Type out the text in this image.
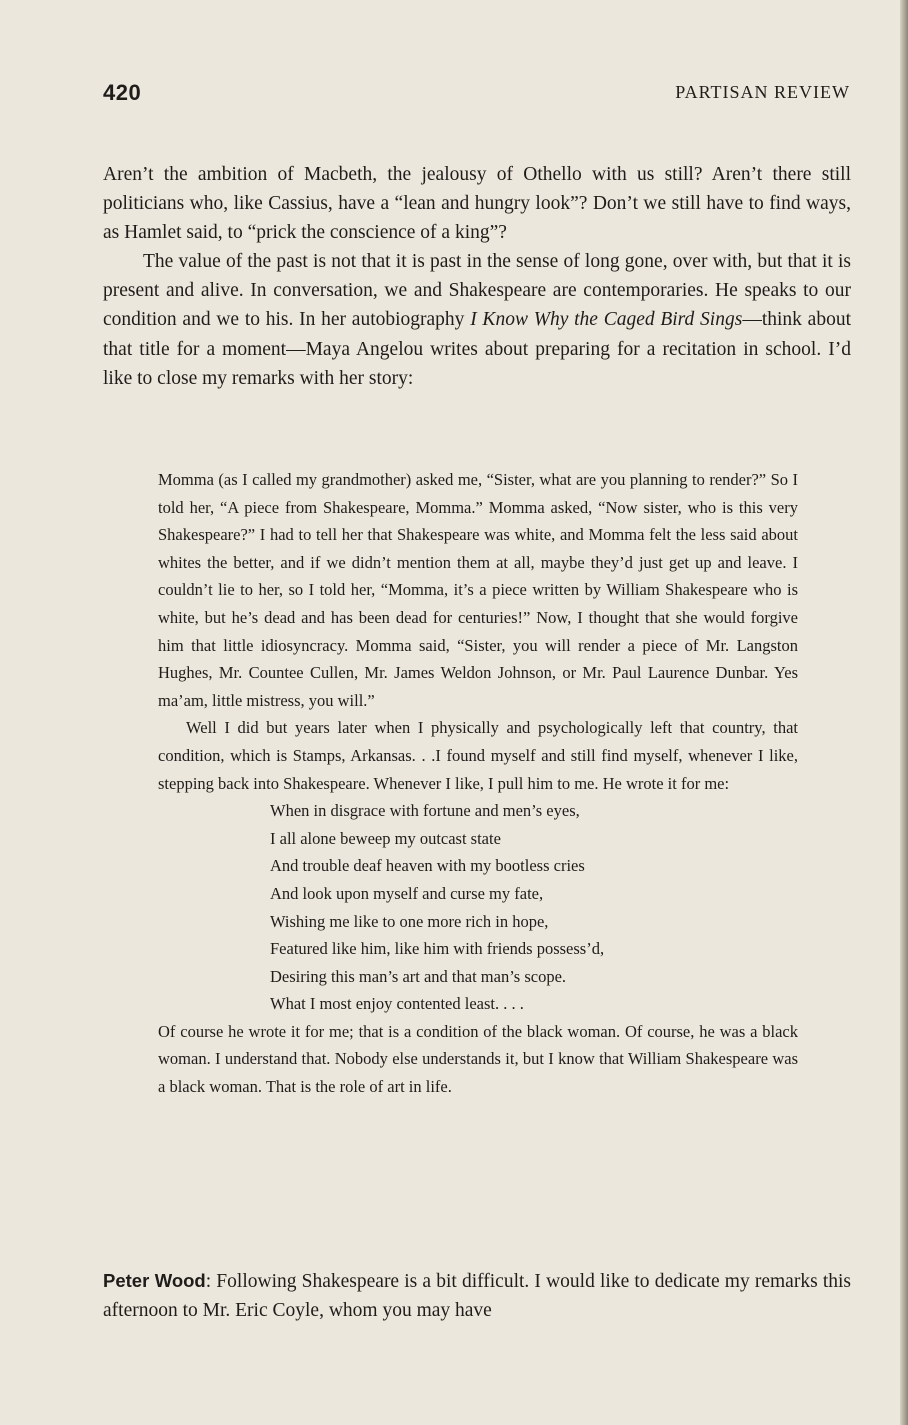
420	PARTISAN REVIEW

Aren’t the ambition of Macbeth, the jealousy of Othello with us still? Aren’t there still politicians who, like Cassius, have a “lean and hungry look”? Don’t we still have to find ways, as Hamlet said, to “prick the conscience of a king”?

The value of the past is not that it is past in the sense of long gone, over with, but that it is present and alive. In conversation, we and Shakespeare are contemporaries. He speaks to our condition and we to his. In her autobiography I Know Why the Caged Bird Sings—think about that title for a moment—Maya Angelou writes about preparing for a recitation in school. I’d like to close my remarks with her story:

Momma (as I called my grandmother) asked me, “Sister, what are you planning to render?” So I told her, “A piece from Shakespeare, Momma.” Momma asked, “Now sister, who is this very Shakespeare?” I had to tell her that Shakespeare was white, and Momma felt the less said about whites the better, and if we didn’t mention them at all, maybe they’d just get up and leave. I couldn’t lie to her, so I told her, “Momma, it’s a piece written by William Shakespeare who is white, but he’s dead and has been dead for centuries!” Now, I thought that she would forgive him that little idiosyncracy. Momma said, “Sister, you will render a piece of Mr. Langston Hughes, Mr. Countee Cullen, Mr. James Weldon Johnson, or Mr. Paul Laurence Dunbar. Yes ma’am, little mistress, you will.”

Well I did but years later when I physically and psychologically left that country, that condition, which is Stamps, Arkansas. . .I found myself and still find myself, whenever I like, stepping back into Shakespeare. Whenever I like, I pull him to me. He wrote it for me:

When in disgrace with fortune and men’s eyes,
I all alone beweep my outcast state
And trouble deaf heaven with my bootless cries
And look upon myself and curse my fate,
Wishing me like to one more rich in hope,
Featured like him, like him with friends possess’d,
Desiring this man’s art and that man’s scope.
What I most enjoy contented least. . . .

Of course he wrote it for me; that is a condition of the black woman. Of course, he was a black woman. I understand that. Nobody else understands it, but I know that William Shakespeare was a black woman. That is the role of art in life.

Peter Wood: Following Shakespeare is a bit difficult. I would like to dedicate my remarks this afternoon to Mr. Eric Coyle, whom you may have
